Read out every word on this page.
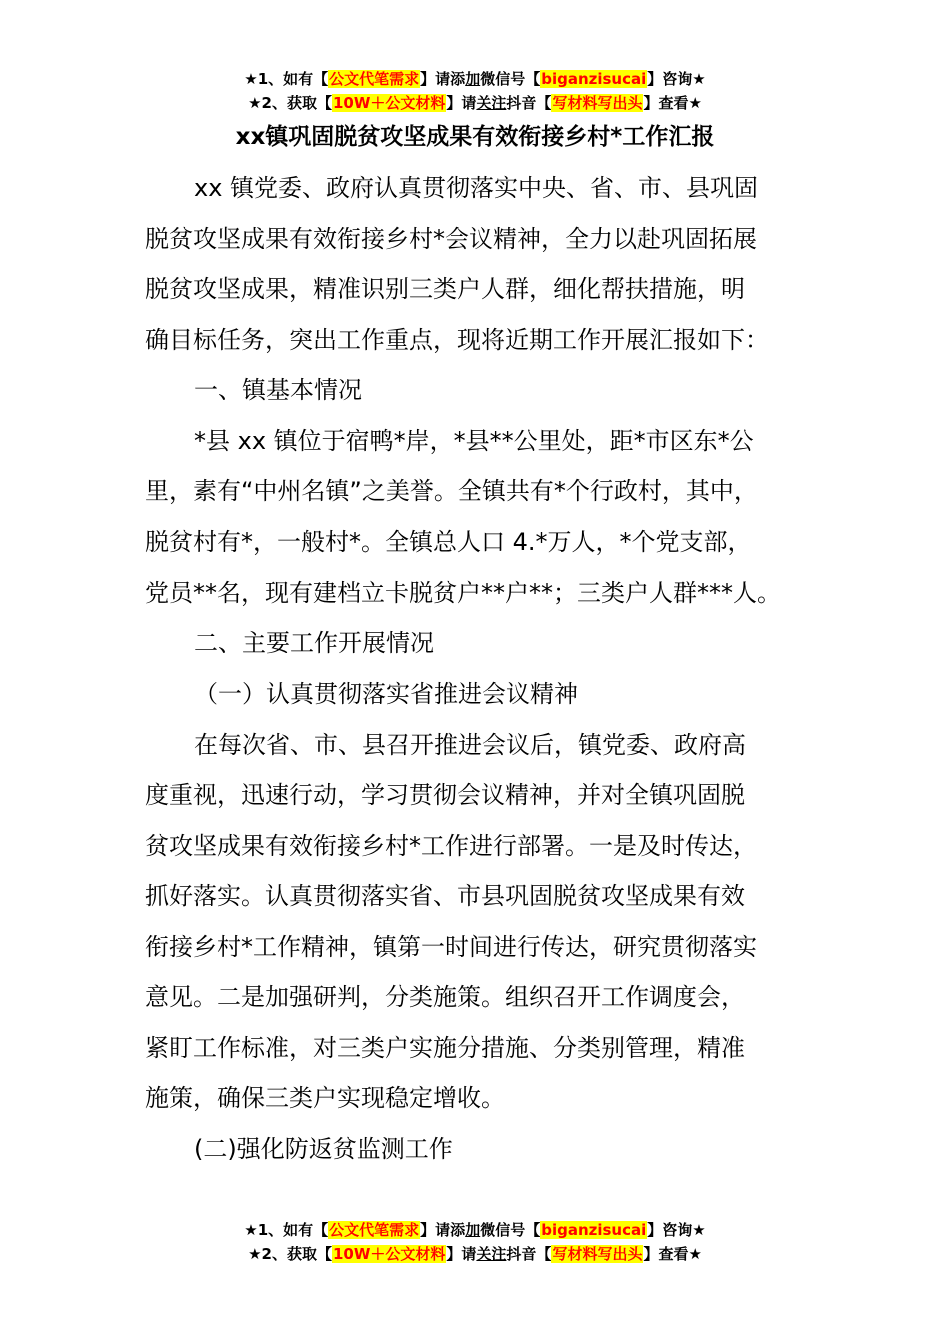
★1、如有【公文代笔需求】请添加微信号【biganzisucai】咨询★
★2、获取【10W＋公文材料】请关注抖音【写材料写出头】查看★
xx镇巩固脱贫攻坚成果有效衔接乡村*工作汇报
xx 镇党委、政府认真贯彻落实中央、省、市、县巩固
脱贫攻坚成果有效衔接乡村*会议精神，全力以赴巩固拓展
脱贫攻坚成果，精准识别三类户人群，细化帮扶措施，明
确目标任务，突出工作重点，现将近期工作开展汇报如下：
一、镇基本情况
*县 xx 镇位于宿鸭*岸，*县**公里处，距*市区东*公
里，素有“中州名镇”之美誉。全镇共有*个行政村，其中，
脱贫村有*，一般村*。全镇总人口 4.*万人，*个党支部，
党员**名，现有建档立卡脱贫户**户**；三类户人群***人。
二、主要工作开展情况
（一）认真贯彻落实省推进会议精神
在每次省、市、县召开推进会议后，镇党委、政府高
度重视，迅速行动，学习贯彻会议精神，并对全镇巩固脱
贫攻坚成果有效衔接乡村*工作进行部署。一是及时传达，
抓好落实。认真贯彻落实省、市县巩固脱贫攻坚成果有效
衔接乡村*工作精神，镇第一时间进行传达，研究贯彻落实
意见。二是加强研判，分类施策。组织召开工作调度会，
紧盯工作标准，对三类户实施分措施、分类别管理，精准
施策，确保三类户实现稳定增收。
(二)强化防返贫监测工作
★1、如有【公文代笔需求】请添加微信号【biganzisucai】咨询★
★2、获取【10W＋公文材料】请关注抖音【写材料写出头】查看★
